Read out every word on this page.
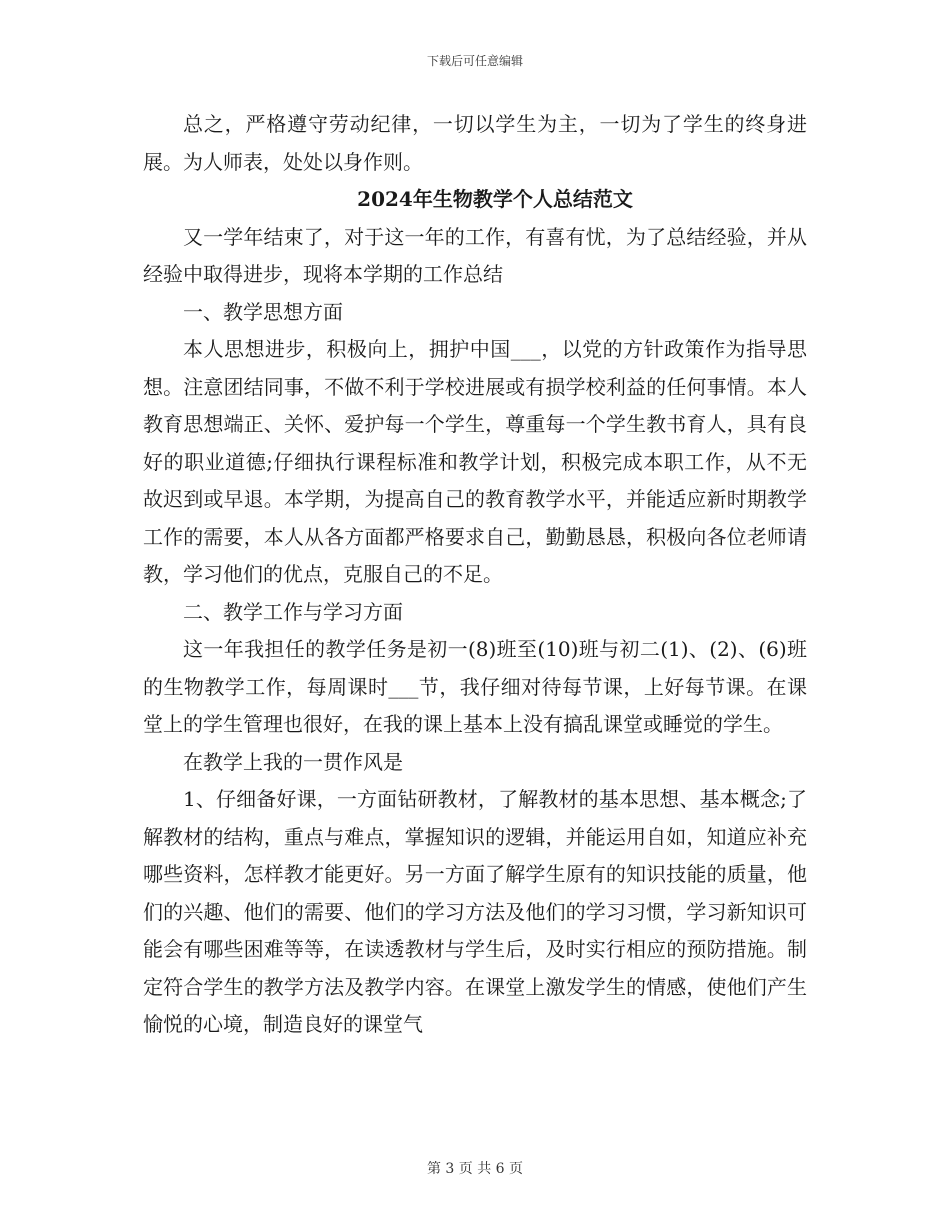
下载后可任意编辑

总之，严格遵守劳动纪律，一切以学生为主，一切为了学生的终身进展。为人师表，处处以身作则。

2024年生物教学个人总结范文

又一学年结束了，对于这一年的工作，有喜有忧，为了总结经验，并从经验中取得进步，现将本学期的工作总结

一、教学思想方面

本人思想进步，积极向上，拥护中国___，以党的方针政策作为指导思想。注意团结同事，不做不利于学校进展或有损学校利益的任何事情。本人教育思想端正、关怀、爱护每一个学生，尊重每一个学生教书育人，具有良好的职业道德;仔细执行课程标准和教学计划，积极完成本职工作，从不无故迟到或早退。本学期，为提高自己的教育教学水平，并能适应新时期教学工作的需要，本人从各方面都严格要求自己，勤勤恳恳，积极向各位老师请教，学习他们的优点，克服自己的不足。

二、教学工作与学习方面

这一年我担任的教学任务是初一(8)班至(10)班与初二(1)、(2)、(6)班的生物教学工作，每周课时___节，我仔细对待每节课，上好每节课。在课堂上的学生管理也很好，在我的课上基本上没有搞乱课堂或睡觉的学生。

在教学上我的一贯作风是

1、仔细备好课，一方面钻研教材，了解教材的基本思想、基本概念;了解教材的结构，重点与难点，掌握知识的逻辑，并能运用自如，知道应补充哪些资料，怎样教才能更好。另一方面了解学生原有的知识技能的质量，他们的兴趣、他们的需要、他们的学习方法及他们的学习习惯，学习新知识可能会有哪些困难等等，在读透教材与学生后，及时实行相应的预防措施。制定符合学生的教学方法及教学内容。在课堂上激发学生的情感，使他们产生愉悦的心境，制造良好的课堂气

第 3 页 共 6 页
